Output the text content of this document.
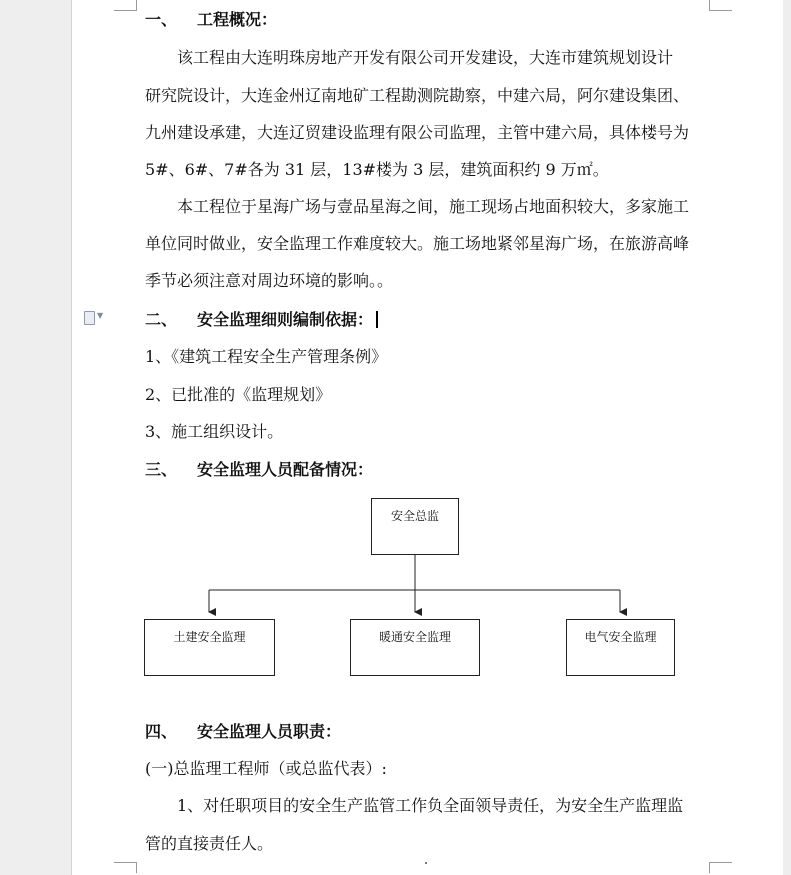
一、 工程概况：
该工程由大连明珠房地产开发有限公司开发建设，大连市建筑规划设计
研究院设计，大连金州辽南地矿工程勘测院勘察，中建六局，阿尔建设集团、
九州建设承建，大连辽贸建设监理有限公司监理，主管中建六局，具体楼号为
5#、6#、7#各为 31 层，13#楼为 3 层，建筑面积约 9 万㎡。
本工程位于星海广场与壹品星海之间，施工现场占地面积较大，多家施工
单位同时做业，安全监理工作难度较大。施工场地紧邻星海广场，在旅游高峰
季节必须注意对周边环境的影响。。
▼	二、 安全监理细则编制依据：
1、《建筑工程安全生产管理条例》
2、已批准的《监理规划》
3、施工组织设计。
三、 安全监理人员配备情况：
安全总监
土建安全监理	暖通安全监理	电气安全监理
四、 安全监理人员职责：
(一)总监理工程师（或总监代表）:
1、对任职项目的安全生产监管工作负全面领导责任，为安全生产监理监
管的直接责任人。
